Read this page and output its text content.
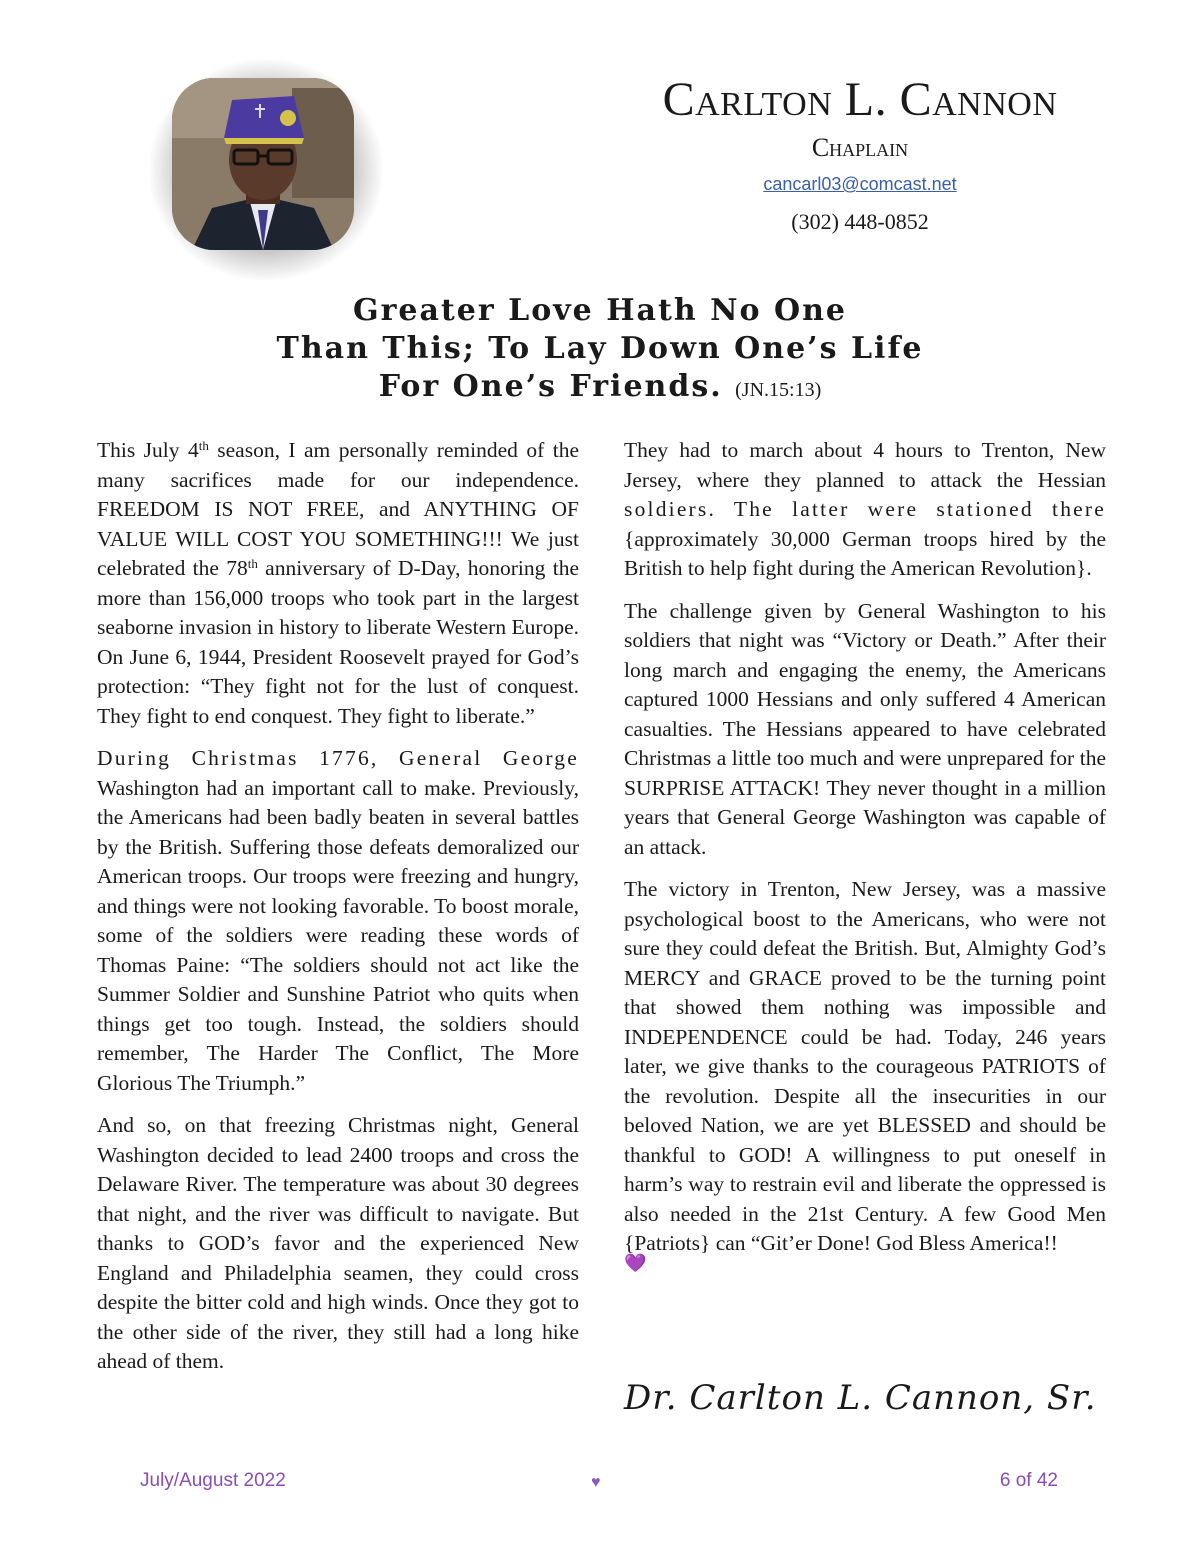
Carlton L. Cannon
Chaplain
cancarl03@comcast.net
(302) 448-0852
Greater Love Hath No One
Than This; To Lay Down One’s Life
For One’s Friends. (JN.15:13)

This July 4th season, I am personally reminded of the many sacrifices made for our independence. FREEDOM IS NOT FREE, and ANYTHING OF VALUE WILL COST YOU SOMETHING!!! We just celebrated the 78th anniversary of D-Day, honoring the more than 156,000 troops who took part in the largest seaborne invasion in history to liberate Western Europe. On June 6, 1944, President Roosevelt prayed for God’s protection: “They fight not for the lust of conquest. They fight to end conquest. They fight to liberate.”

During Christmas 1776, General George Washington had an important call to make. Previously, the Americans had been badly beaten in several battles by the British. Suffering those defeats demoralized our American troops. Our troops were freezing and hungry, and things were not looking favorable. To boost morale, some of the soldiers were reading these words of Thomas Paine: “The soldiers should not act like the Summer Soldier and Sunshine Patriot who quits when things get too tough. Instead, the soldiers should remember, The Harder The Conflict, The More Glorious The Triumph.”

And so, on that freezing Christmas night, General Washington decided to lead 2400 troops and cross the Delaware River. The temperature was about 30 degrees that night, and the river was difficult to navigate. But thanks to GOD’s favor and the experienced New England and Philadelphia seamen, they could cross despite the bitter cold and high winds. Once they got to the other side of the river, they still had a long hike ahead of them.

They had to march about 4 hours to Trenton, New Jersey, where they planned to attack the Hessian soldiers. The latter were stationed there {approximately 30,000 German troops hired by the British to help fight during the American Revolution}.

The challenge given by General Washington to his soldiers that night was “Victory or Death.” After their long march and engaging the enemy, the Americans captured 1000 Hessians and only suffered 4 American casualties. The Hessians appeared to have celebrated Christmas a little too much and were unprepared for the SURPRISE ATTACK! They never thought in a million years that General George Washington was capable of an attack.

The victory in Trenton, New Jersey, was a massive psychological boost to the Americans, who were not sure they could defeat the British. But, Almighty God’s MERCY and GRACE proved to be the turning point that showed them nothing was impossible and INDEPENDENCE could be had. Today, 246 years later, we give thanks to the courageous PATRIOTS of the revolution. Despite all the insecurities in our beloved Nation, we are yet BLESSED and should be thankful to GOD! A willingness to put oneself in harm’s way to restrain evil and liberate the oppressed is also needed in the 21st Century. A few Good Men {Patriots} can “Git’er Done! God Bless America!!

💜
Dr. Carlton L. Cannon, Sr.
July/August 2022	♥	6 of 42
